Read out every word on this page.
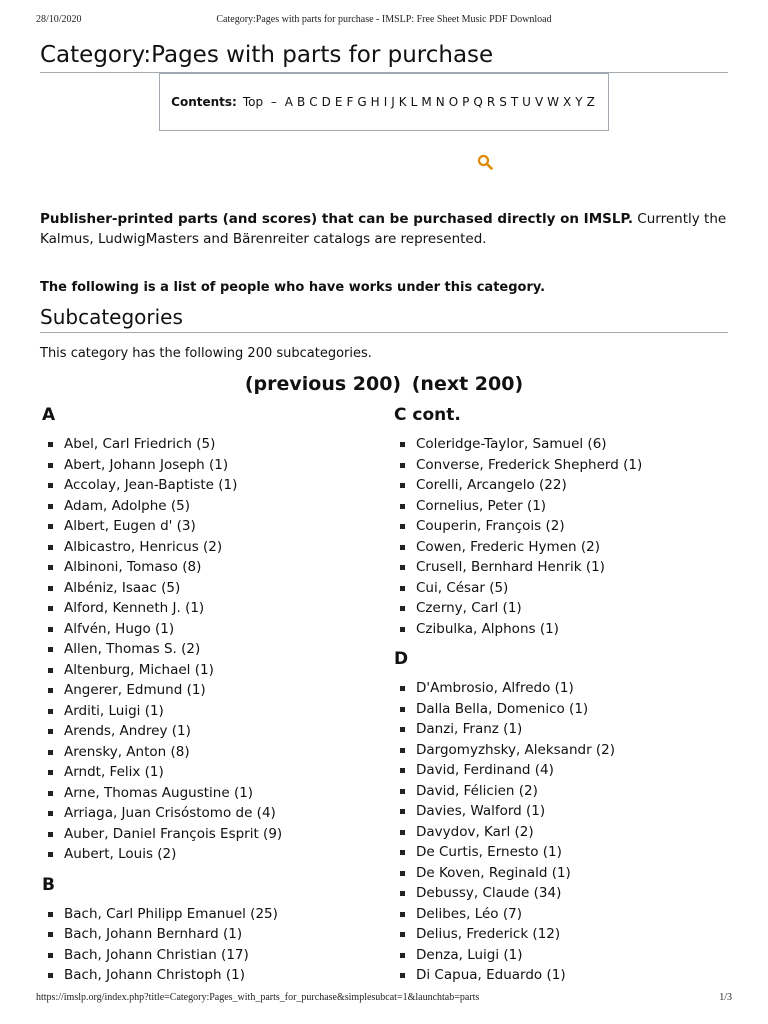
28/10/2020	Category:Pages with parts for purchase - IMSLP: Free Sheet Music PDF Download
Category:Pages with parts for purchase
Contents: Top – A B C D E F G H I J K L M N O P Q R S T U V W X Y Z

Publisher-printed parts (and scores) that can be purchased directly on IMSLP. Currently the Kalmus, LudwigMasters and Bärenreiter catalogs are represented.

The following is a list of people who have works under this category.

Subcategories

This category has the following 200 subcategories.

(previous 200) (next 200)
A
Abel, Carl Friedrich (5)
Abert, Johann Joseph (1)
Accolay, Jean-Baptiste (1)
Adam, Adolphe (5)
Albert, Eugen d' (3)
Albicastro, Henricus (2)
Albinoni, Tomaso (8)
Albéniz, Isaac (5)
Alford, Kenneth J. (1)
Alfvén, Hugo (1)
Allen, Thomas S. (2)
Altenburg, Michael (1)
Angerer, Edmund (1)
Arditi, Luigi (1)
Arends, Andrey (1)
Arensky, Anton (8)
Arndt, Felix (1)
Arne, Thomas Augustine (1)
Arriaga, Juan Crisóstomo de (4)
Auber, Daniel François Esprit (9)
Aubert, Louis (2)
B
Bach, Carl Philipp Emanuel (25)
Bach, Johann Bernhard (1)
Bach, Johann Christian (17)
Bach, Johann Christoph (1)
C cont.
Coleridge-Taylor, Samuel (6)
Converse, Frederick Shepherd (1)
Corelli, Arcangelo (22)
Cornelius, Peter (1)
Couperin, François (2)
Cowen, Frederic Hymen (2)
Crusell, Bernhard Henrik (1)
Cui, César (5)
Czerny, Carl (1)
Czibulka, Alphons (1)
D
D'Ambrosio, Alfredo (1)
Dalla Bella, Domenico (1)
Danzi, Franz (1)
Dargomyzhsky, Aleksandr (2)
David, Ferdinand (4)
David, Félicien (2)
Davies, Walford (1)
Davydov, Karl (2)
De Curtis, Ernesto (1)
De Koven, Reginald (1)
Debussy, Claude (34)
Delibes, Léo (7)
Delius, Frederick (12)
Denza, Luigi (1)
Di Capua, Eduardo (1)
https://imslp.org/index.php?title=Category:Pages_with_parts_for_purchase&simplesubcat=1&launchtab=parts	1/3
